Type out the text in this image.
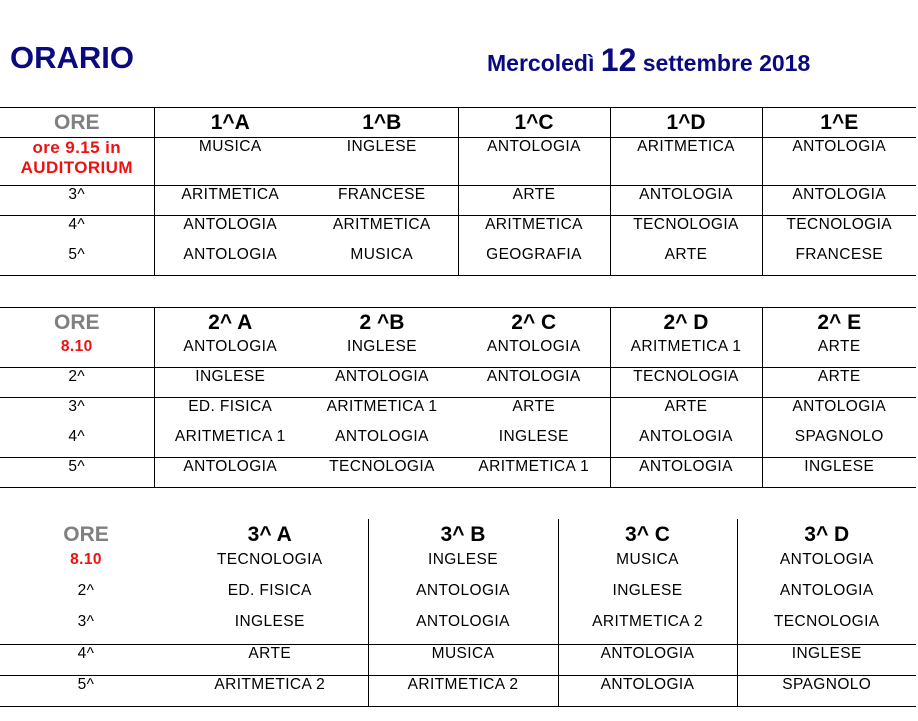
ORARIO	Mercoledì 12 settembre 2018
ORE	1^A	1^B	1^C	1^D	1^E
ore 9.15 in
AUDITORIUM	MUSICA	INGLESE	ANTOLOGIA	ARITMETICA	ANTOLOGIA
3^	ARITMETICA	FRANCESE	ARTE	ANTOLOGIA	ANTOLOGIA
4^	ANTOLOGIA	ARITMETICA	ARITMETICA	TECNOLOGIA	TECNOLOGIA
5^	ANTOLOGIA	MUSICA	GEOGRAFIA	ARTE	FRANCESE
ORE	2^ A	2 ^B	2^ C	2^ D	2^ E
8.10	ANTOLOGIA	INGLESE	ANTOLOGIA	ARITMETICA 1	ARTE
2^	INGLESE	ANTOLOGIA	ANTOLOGIA	TECNOLOGIA	ARTE
3^	ED. FISICA	ARITMETICA 1	ARTE	ARTE	ANTOLOGIA
4^	ARITMETICA 1	ANTOLOGIA	INGLESE	ANTOLOGIA	SPAGNOLO
5^	ANTOLOGIA	TECNOLOGIA	ARITMETICA 1	ANTOLOGIA	INGLESE
ORE	3^ A	3^ B	3^ C	3^ D
8.10	TECNOLOGIA	INGLESE	MUSICA	ANTOLOGIA
2^	ED. FISICA	ANTOLOGIA	INGLESE	ANTOLOGIA
3^	INGLESE	ANTOLOGIA	ARITMETICA 2	TECNOLOGIA
4^	ARTE	MUSICA	ANTOLOGIA	INGLESE
5^	ARITMETICA 2	ARITMETICA 2	ANTOLOGIA	SPAGNOLO
